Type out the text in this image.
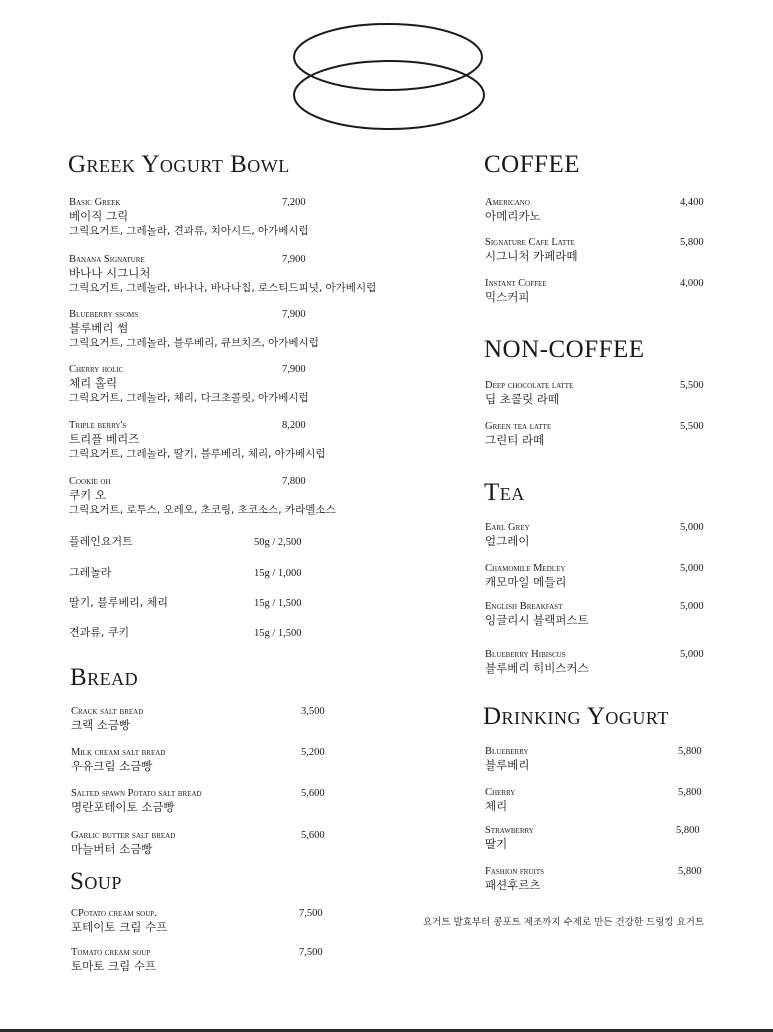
Greek Yogurt Bowl
Basic Greek
베이직 그릭
그릭요거트, 그레놀라, 견과류, 치아시드, 아가베시럽
7,200
Banana Signature
바나나 시그니처
그릭요거트, 그레놀라, 바나나, 바나나칩, 로스티드피넛, 아가베시럽
7,900
Blueberry ssoms
블루베리 썸
그릭요거트, 그레놀라, 블루베리, 큐브치즈, 아가베시럽
7,900
Cherry holic
체리 홀릭
그릭요거트, 그레놀라, 체리, 다크초콜릿, 아가베시럽
7,900
Triple berry's
트리플 베리즈
그릭요거트, 그레놀라, 딸기, 블루베리, 체리, 아가베시럽
8,200
Cookie oh
쿠키 오
그릭요거트, 로투스, 오레오, 초코링, 초코소스, 카라멜소스
7,800
플레인요거트	50g / 2,500
그레놀라	15g / 1,000
딸기, 블루베리, 체리	15g / 1,500
견과류, 쿠키	15g / 1,500
Bread
Crack salt bread
크랙 소금빵
3,500
Milk cream salt bread
우유크림 소금빵
5,200
Salted spawn Potato salt bread
명란포테이토 소금빵
5,600
Garlic butter salt bread
마늘버터 소금빵
5,600
Soup
CPotato cream soup.
포테이토 크림 수프
7,500
Tomato cream soup
토마토 크림 수프
7,500
COFFEE
Americano
아메리카노
4,400
Signature Cafe Latte
시그니처 카페라떼
5,800
Instant Coffee
믹스커피
4,000
NON-COFFEE
Deep chocolate latte
딥 초콜릿 라떼
5,500
Green tea latte
그린티 라떼
5,500
Tea
Earl Grey
얼그레이
5,000
Chamomile Medley
캐모마일 메들리
5,000
English Breakfast
잉글리시 블랙퍼스트
5,000
Blueberry Hibiscus
블루베리 히비스커스
5,000
Drinking Yogurt
Blueberry
블루베리
5,800
Cherry
체리
5,800
Strawberry
딸기
5,800
Fashion fruits
패션후르츠
5,800
요거트 발효부터 콩포트 제조까지 수제로 만든 건강한 드링킹 요거트
